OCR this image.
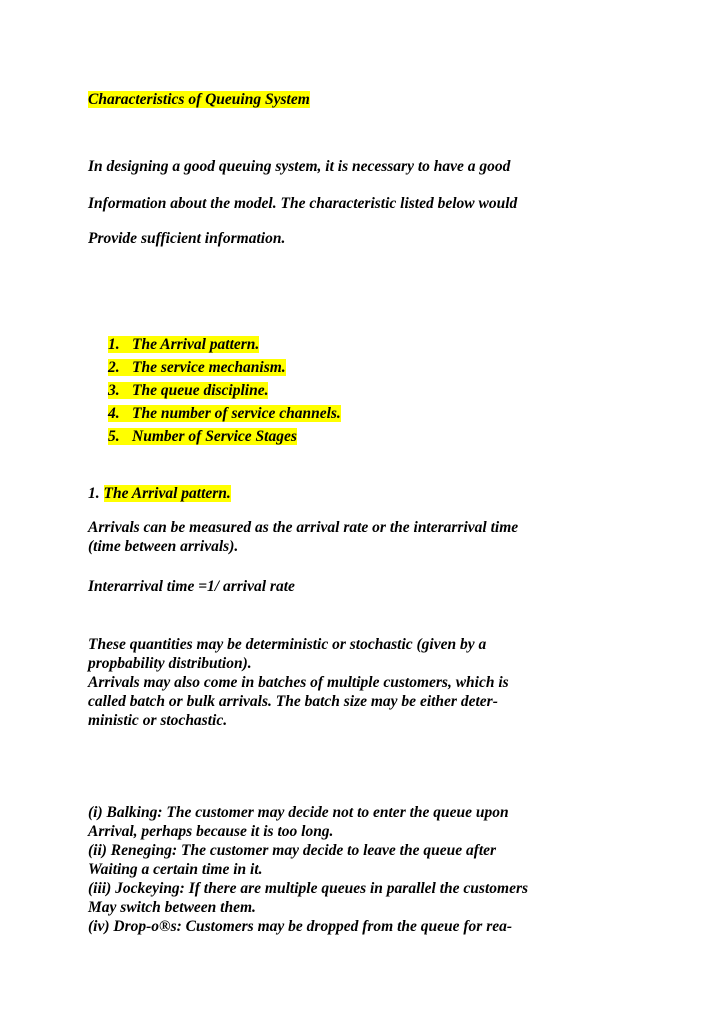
Characteristics of Queuing System
In designing a good queuing system, it is necessary to have a good
Information about the model. The characteristic listed below would
Provide sufficient information.
1. The Arrival pattern.
2. The service mechanism.
3. The queue discipline.
4. The number of service channels.
5. Number of Service Stages
1. The Arrival pattern.
Arrivals can be measured as the arrival rate or the interarrival time
(time between arrivals).
Interarrival time =1/ arrival rate
These quantities may be deterministic or stochastic (given by a
propbability distribution).
Arrivals may also come in batches of multiple customers, which is
called batch or bulk arrivals. The batch size may be either deter-
ministic or stochastic.
(i) Balking: The customer may decide not to enter the queue upon
Arrival, perhaps because it is too long.
(ii) Reneging: The customer may decide to leave the queue after
Waiting a certain time in it.
(iii) Jockeying: If there are multiple queues in parallel the customers
May switch between them.
(iv) Drop-o®s: Customers may be dropped from the queue for rea-
